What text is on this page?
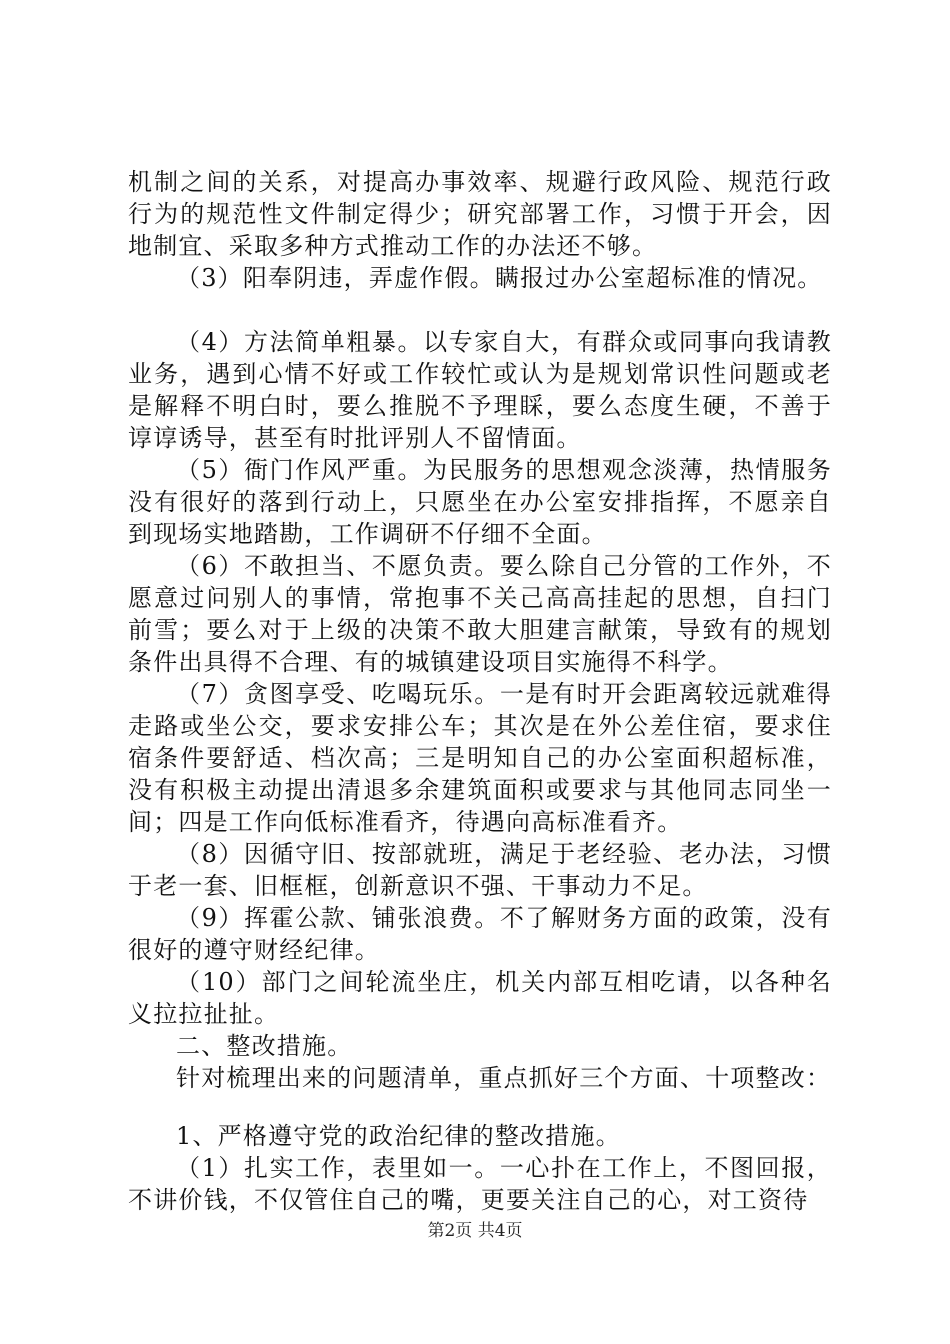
机制之间的关系，对提高办事效率、规避行政风险、规范行政行为的规范性文件制定得少；研究部署工作，习惯于开会，因地制宜、采取多种方式推动工作的办法还不够。

（3）阳奉阴违，弄虚作假。瞒报过办公室超标准的情况。

（4）方法简单粗暴。以专家自大，有群众或同事向我请教业务，遇到心情不好或工作较忙或认为是规划常识性问题或老是解释不明白时，要么推脱不予理睬，要么态度生硬，不善于谆谆诱导，甚至有时批评别人不留情面。

（5）衙门作风严重。为民服务的思想观念淡薄，热情服务没有很好的落到行动上，只愿坐在办公室安排指挥，不愿亲自到现场实地踏勘，工作调研不仔细不全面。

（6）不敢担当、不愿负责。要么除自己分管的工作外，不愿意过问别人的事情，常抱事不关己高高挂起的思想，自扫门前雪；要么对于上级的决策不敢大胆建言献策，导致有的规划条件出具得不合理、有的城镇建设项目实施得不科学。

（7）贪图享受、吃喝玩乐。一是有时开会距离较远就难得走路或坐公交，要求安排公车；其次是在外公差住宿，要求住宿条件要舒适、档次高；三是明知自己的办公室面积超标准，没有积极主动提出清退多余建筑面积或要求与其他同志同坐一间；四是工作向低标准看齐，待遇向高标准看齐。

（8）因循守旧、按部就班，满足于老经验、老办法，习惯于老一套、旧框框，创新意识不强、干事动力不足。

（9）挥霍公款、铺张浪费。不了解财务方面的政策，没有很好的遵守财经纪律。

（10）部门之间轮流坐庄，机关内部互相吃请，以各种名义拉拉扯扯。

二、整改措施。

针对梳理出来的问题清单，重点抓好三个方面、十项整改：

1、严格遵守党的政治纪律的整改措施。

（1）扎实工作，表里如一。一心扑在工作上，不图回报，不讲价钱，不仅管住自己的嘴，更要关注自己的心，对工资待

第2页 共4页
